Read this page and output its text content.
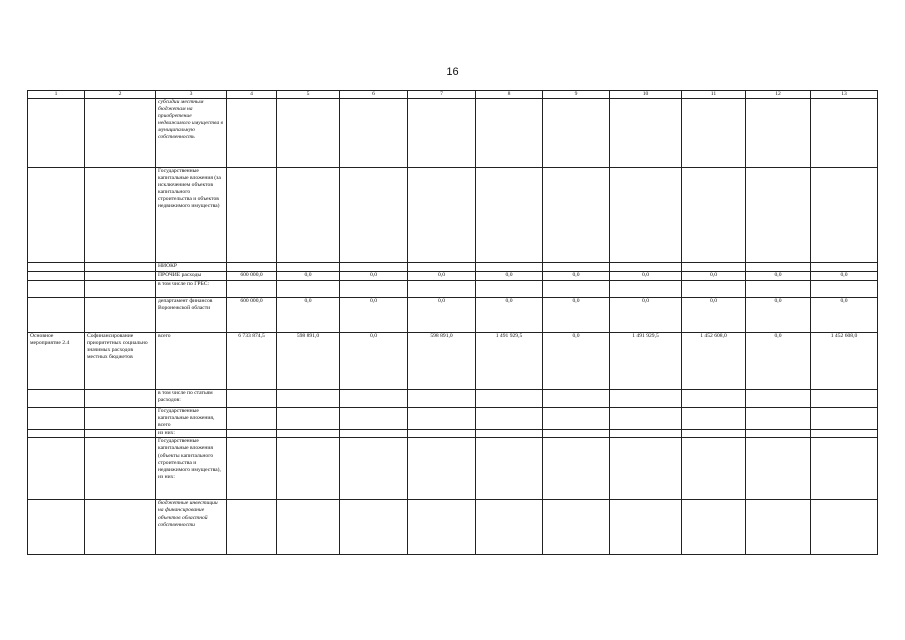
16
1	2	3	4	5	6	7	8	9	10	11	12	13
		субсидии местным бюджетам на приобретение недвижимого имущества в муниципальную собственность										
		Государственные капитальные вложения (за исключением объектов капитального строительства и объектов недвижимого имущества)										
		НИОКР										
		ПРОЧИЕ расходы	600 000,0	0,0	0,0	0,0	0,0	0,0	0,0	0,0	0,0	0,0
		в том числе по ГРБС:										
		департамент финансов Воронежской области	600 000,0	0,0	0,0	0,0	0,0	0,0	0,0	0,0	0,0	0,0
Основное мероприятие 2.4	Софинансирование приоритетных социально значимых расходов местных бюджетов	всего	6 733 874,5	598 891,0	0,0	598 891,0	1 491 929,5	0,0	1 491 929,5	1 452 608,0	0,0	1 452 608,0
		в том числе по статьям расходов:										
		Государственные капитальные вложения, всего										
		из них:										
		Государственные капитальные вложения (объекты капитального строительства и недвижимого имущества), из них:										
		бюджетные инвестиции на финансирование объектов областной собственности										
